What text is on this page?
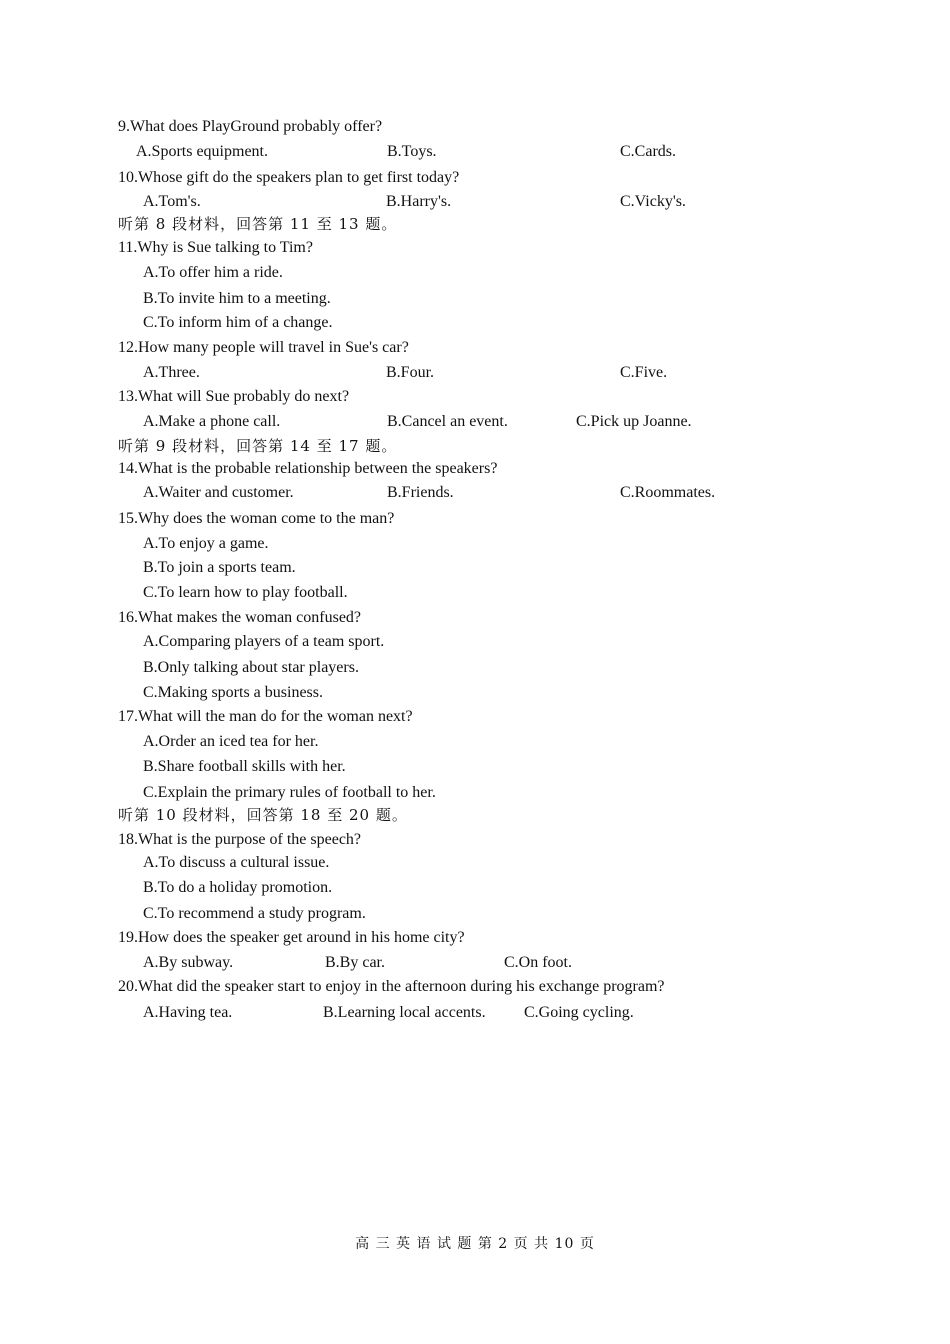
9.What does PlayGround probably offer?
A.Sports equipment.	B.Toys.	C.Cards.
10.Whose gift do the speakers plan to get first today?
A.Tom's.	B.Harry's.	C.Vicky's.
听第 8 段材料，回答第 11 至 13 题。
11.Why is Sue talking to Tim?
A.To offer him a ride.
B.To invite him to a meeting.
C.To inform him of a change.
12.How many people will travel in Sue's car?
A.Three.	B.Four.	C.Five.
13.What will Sue probably do next?
A.Make a phone call.	B.Cancel an event.	C.Pick up Joanne.
听第 9 段材料，回答第 14 至 17 题。
14.What is the probable relationship between the speakers?
A.Waiter and customer.	B.Friends.	C.Roommates.
15.Why does the woman come to the man?
A.To enjoy a game.
B.To join a sports team.
C.To learn how to play football.
16.What makes the woman confused?
A.Comparing players of a team sport.
B.Only talking about star players.
C.Making sports a business.
17.What will the man do for the woman next?
A.Order an iced tea for her.
B.Share football skills with her.
C.Explain the primary rules of football to her.
听第 10 段材料，回答第 18 至 20 题。
18.What is the purpose of the speech?
A.To discuss a cultural issue.
B.To do a holiday promotion.
C.To recommend a study program.
19.How does the speaker get around in his home city?
A.By subway.	B.By car.	C.On foot.
20.What did the speaker start to enjoy in the afternoon during his exchange program?
A.Having tea.	B.Learning local accents. C.Going cycling.
高 三 英 语 试 题 第 2 页 共 10 页
